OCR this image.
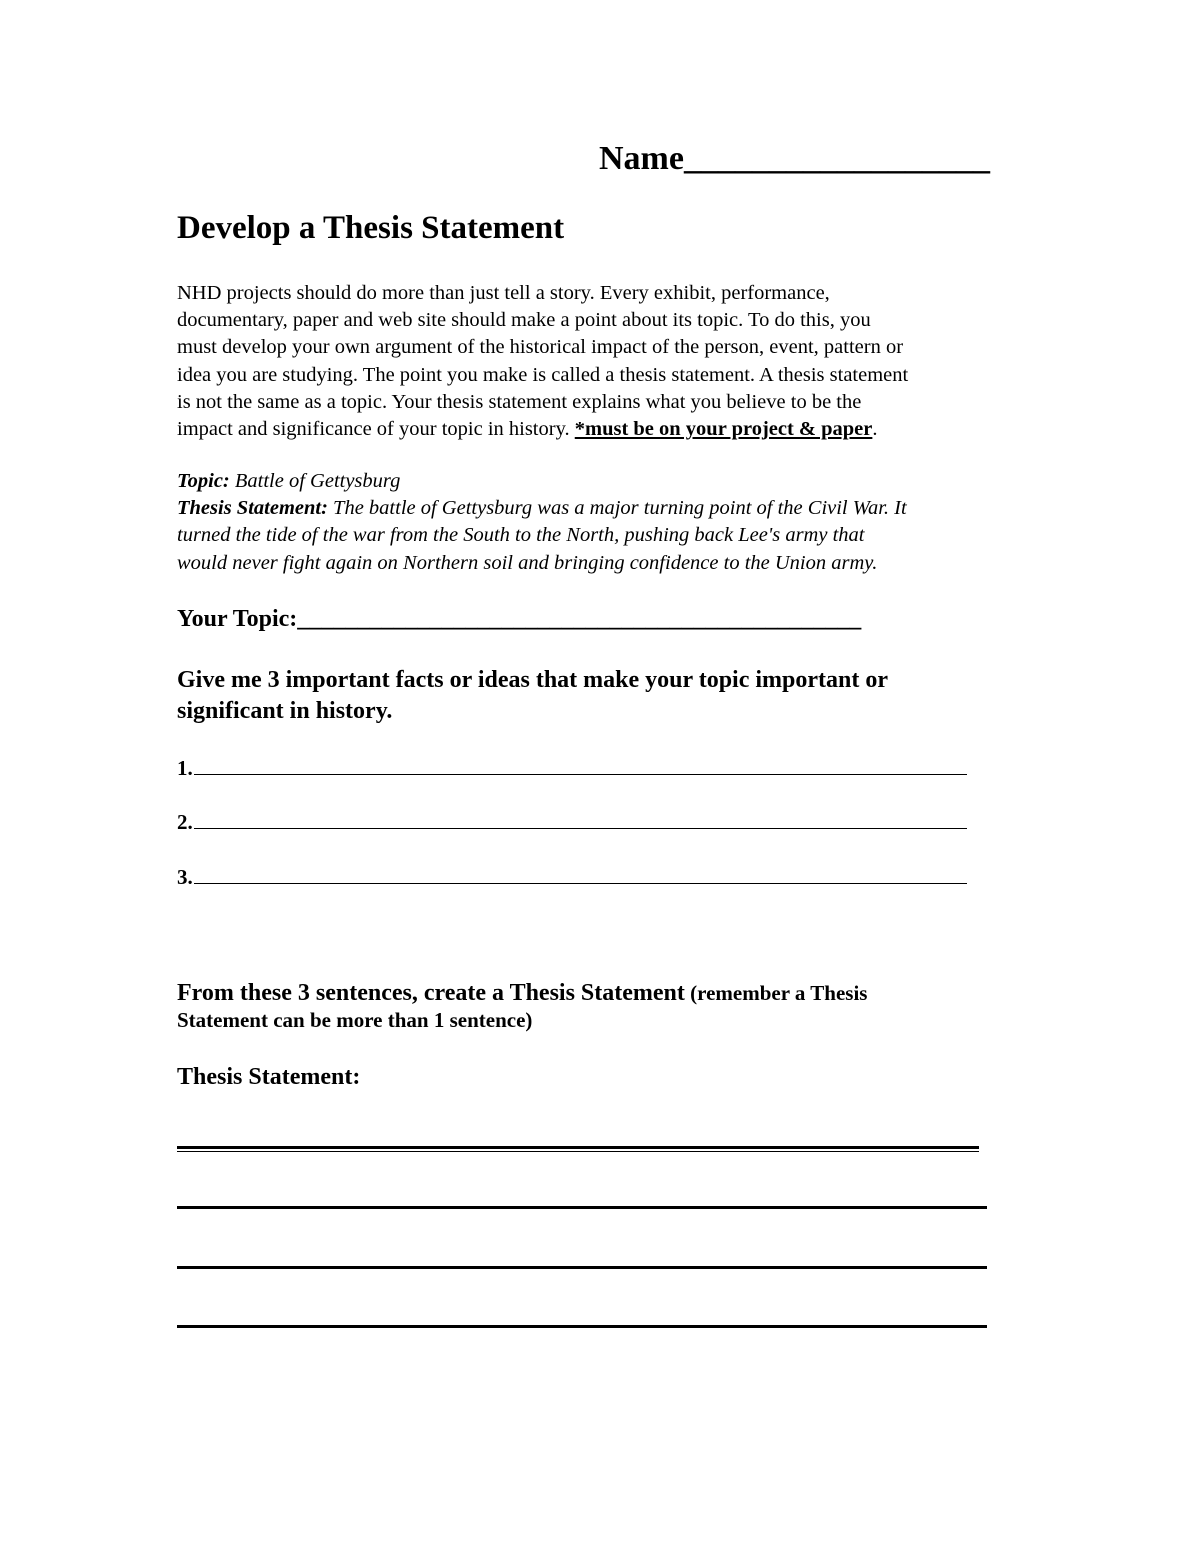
Name__________________
Develop a Thesis Statement

NHD projects should do more than just tell a story. Every exhibit, performance,

documentary, paper and web site should make a point about its topic. To do this, you

must develop your own argument of the historical impact of the person, event, pattern or

idea you are studying. The point you make is called a thesis statement. A thesis statement

is not the same as a topic. Your thesis statement explains what you believe to be the

impact and significance of your topic in history. *must be on your project & paper.

Topic: Battle of Gettysburg

Thesis Statement: The battle of Gettysburg was a major turning point of the Civil War. It

turned the tide of the war from the South to the North, pushing back Lee's army that

would never fight again on Northern soil and bringing confidence to the Union army.

Your Topic:_______________________________________________

Give me 3 important facts or ideas that make your topic important or

significant in history.

1.
2.
3.

From these 3 sentences, create a Thesis Statement (remember a Thesis

Statement can be more than 1 sentence)

Thesis Statement:
